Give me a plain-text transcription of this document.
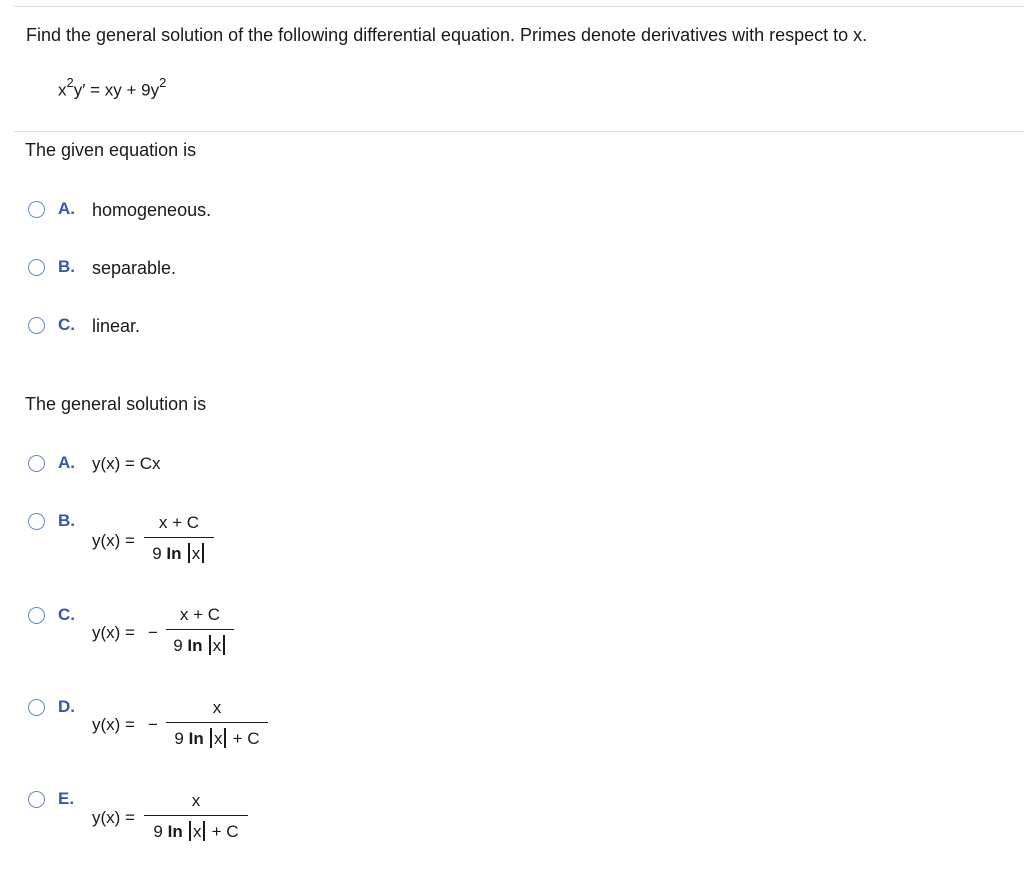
Find the general solution of the following differential equation. Primes denote derivatives with respect to x.
$x^2y'$ = xy + $9y^2$
The given equation is
A. homogeneous.
B. separable.
C. linear.
The general solution is
A. y(x) = Cx
B.
y(x) =
x + C
9 In x
C.
y(x) = −
x + C
9 In x
D.
y(x) = −
x
9 In x + C
E.
y(x) =
x
9 In x + C
